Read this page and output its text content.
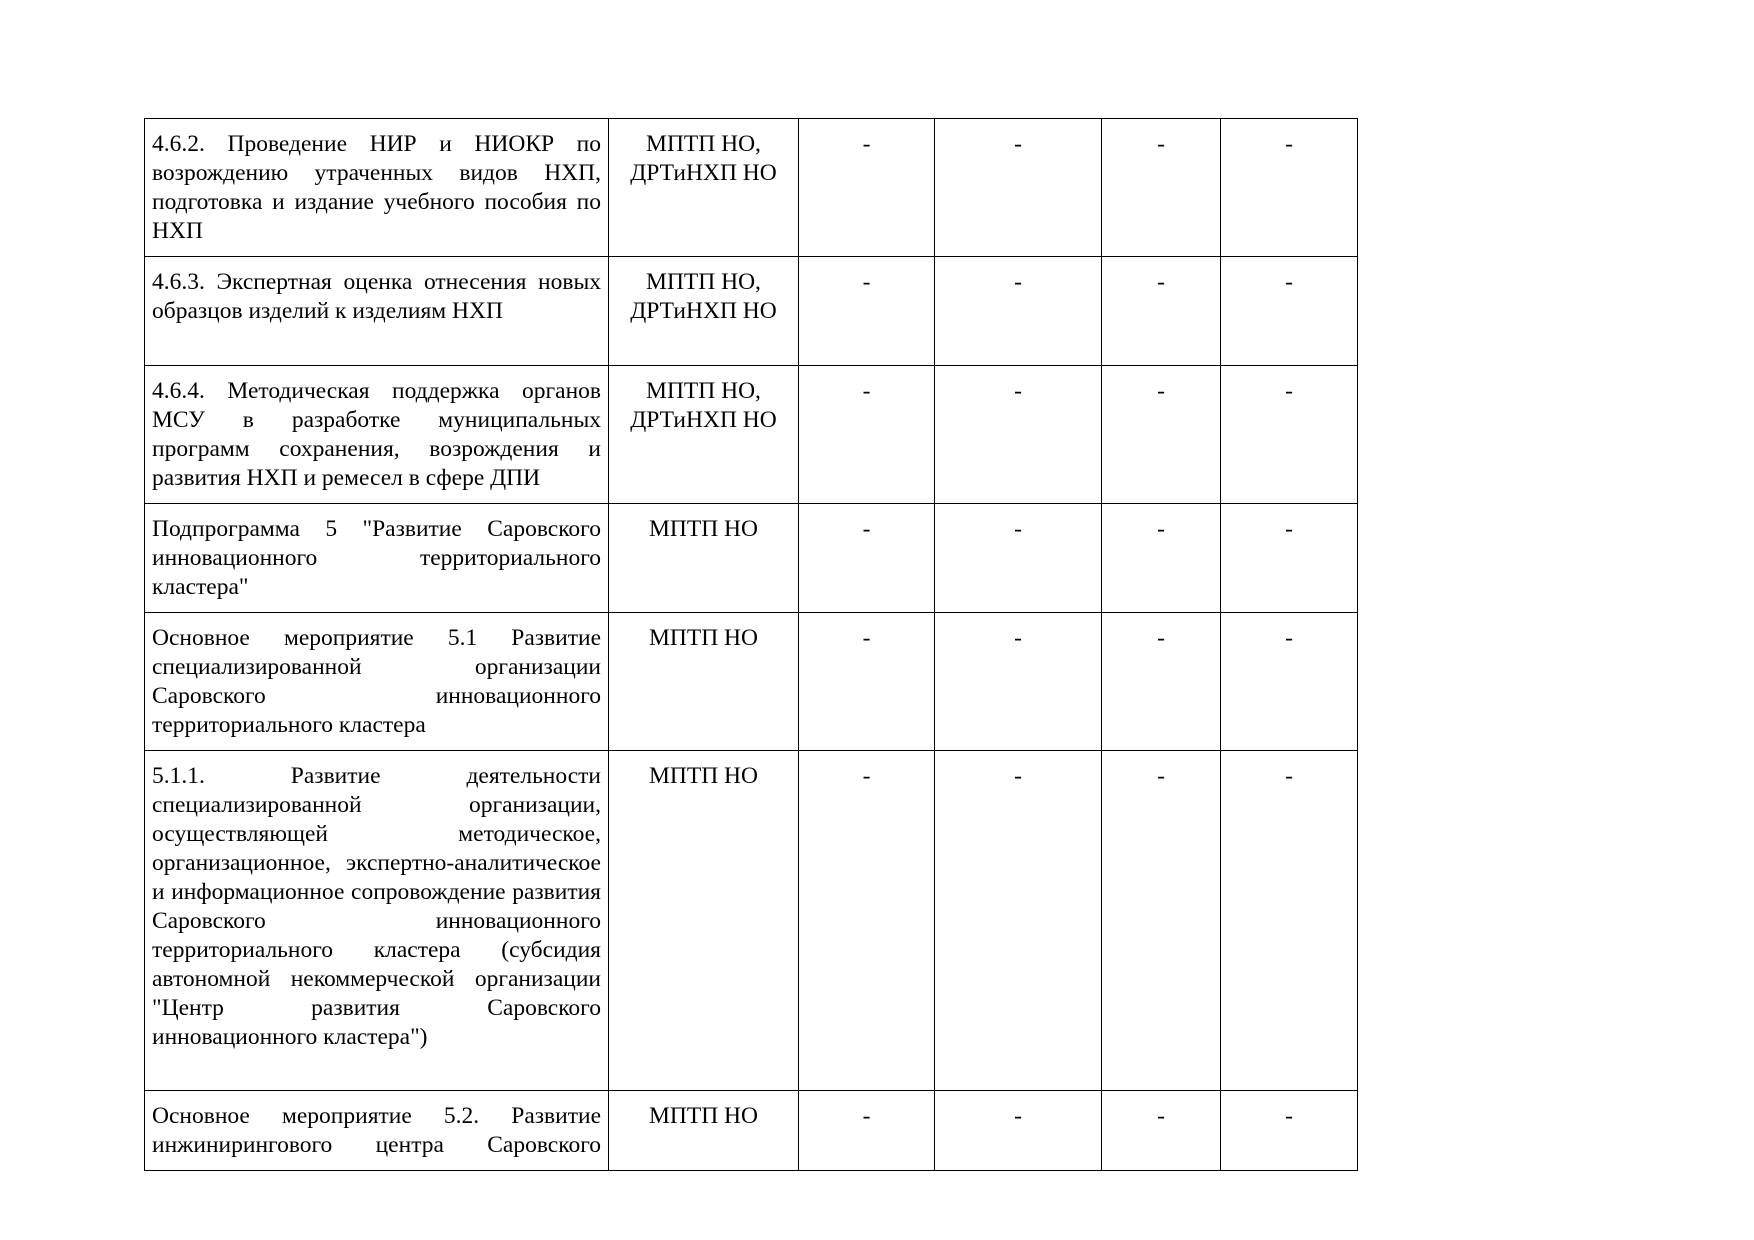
4.6.2. Проведение НИР и НИОКР по возрождению утраченных видов НХП, подготовка и издание учебного пособия по НХП	МПТП НО,
ДРТиНХП НО	-	-	-	-
4.6.3. Экспертная оценка отнесения новых образцов изделий к изделиям НХП	МПТП НО,
ДРТиНХП НО	-	-	-	-
4.6.4. Методическая поддержка органов МСУ в разработке муниципальных программ сохранения, возрождения и развития НХП и ремесел в сфере ДПИ	МПТП НО,
ДРТиНХП НО	-	-	-	-
Подпрограмма 5 "Развитие Саровского инновационного территориального кластера"	МПТП НО	-	-	-	-
Основное мероприятие 5.1 Развитие специализированной организации Саровского инновационного территориального кластера	МПТП НО	-	-	-	-
5.1.1. Развитие деятельности специализированной организации, осуществляющей методическое, организационное, экспертно-аналитическое и информационное сопровождение развития Саровского инновационного территориального кластера (субсидия автономной некоммерческой организации "Центр развития Саровского инновационного кластера")	МПТП НО	-	-	-	-
Основное мероприятие 5.2. Развитие инжинирингового центра Саровского	МПТП НО	-	-	-	-
